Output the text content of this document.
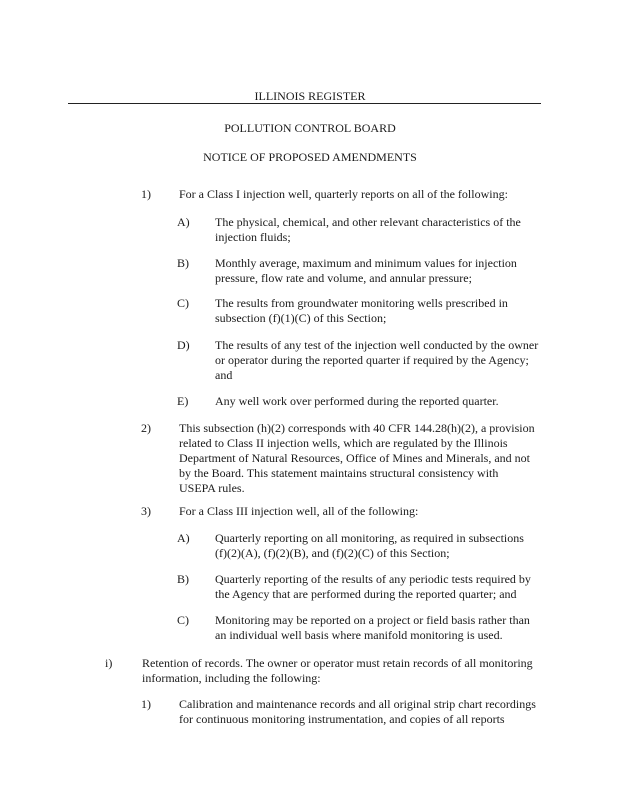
ILLINOIS REGISTER
POLLUTION CONTROL BOARD
NOTICE OF PROPOSED AMENDMENTS
1) For a Class I injection well, quarterly reports on all of the following:
A) The physical, chemical, and other relevant characteristics of the
injection fluids;
B) Monthly average, maximum and minimum values for injection
pressure, flow rate and volume, and annular pressure;
C) The results from groundwater monitoring wells prescribed in
subsection (f)(1)(C) of this Section;
D) The results of any test of the injection well conducted by the owner
or operator during the reported quarter if required by the Agency;
and
E) Any well work over performed during the reported quarter.
2) This subsection (h)(2) corresponds with 40 CFR 144.28(h)(2), a provision
related to Class II injection wells, which are regulated by the Illinois
Department of Natural Resources, Office of Mines and Minerals, and not
by the Board. This statement maintains structural consistency with
USEPA rules.
3) For a Class III injection well, all of the following:
A) Quarterly reporting on all monitoring, as required in subsections
(f)(2)(A), (f)(2)(B), and (f)(2)(C) of this Section;
B) Quarterly reporting of the results of any periodic tests required by
the Agency that are performed during the reported quarter; and
C) Monitoring may be reported on a project or field basis rather than
an individual well basis where manifold monitoring is used.
i) Retention of records. The owner or operator must retain records of all monitoring
information, including the following:
1) Calibration and maintenance records and all original strip chart recordings
for continuous monitoring instrumentation, and copies of all reports
